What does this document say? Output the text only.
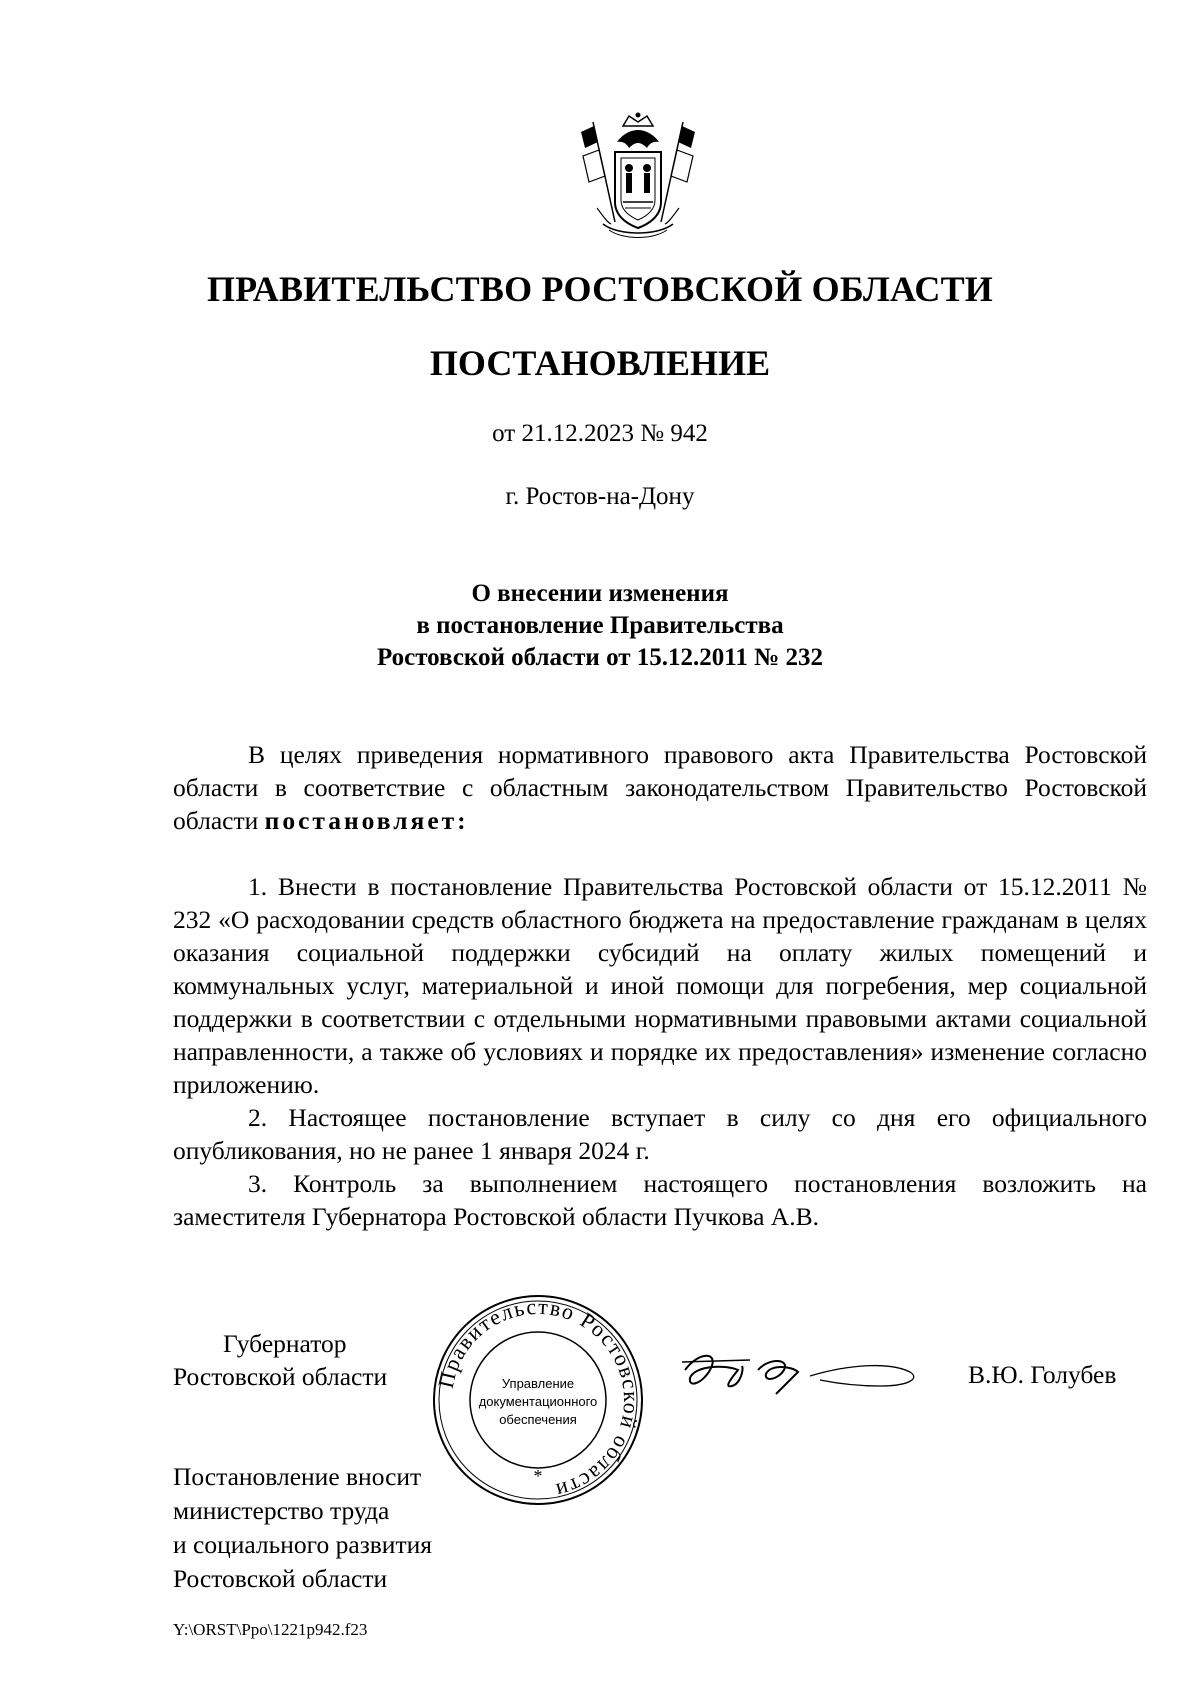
ПРАВИТЕЛЬСТВО РОСТОВСКОЙ ОБЛАСТИ
ПОСТАНОВЛЕНИЕ
от 21.12.2023 № 942
г. Ростов-на-Дону
О внесении изменения
в постановление Правительства
Ростовской области от 15.12.2011 № 232

В целях приведения нормативного правового акта Правительства Ростовской области в соответствие с областным законодательством Правительство Ростовской области постановляет:

1. Внести в постановление Правительства Ростовской области от 15.12.2011 № 232 «О расходовании средств областного бюджета на предоставление гражданам в целях оказания социальной поддержки субсидий на оплату жилых помещений и коммунальных услуг, материальной и иной помощи для погребения, мер социальной поддержки в соответствии с отдельными нормативными правовыми актами социальной направленности, а также об условиях и порядке их предоставления» изменение согласно приложению.

2. Настоящее постановление вступает в силу со дня его официального опубликования, но не ранее 1 января 2024 г.

3. Контроль за выполнением настоящего постановления возложить на заместителя Губернатора Ростовской области Пучкова А.В.

Губернатор
Ростовской области Правительство Ростовской области
Управление
документационного
обеспечения
*
В.Ю. Голубев
Постановление вносит
министерство труда
и социального развития
Ростовской области
Y:\ORST\Ppo\1221p942.f23
